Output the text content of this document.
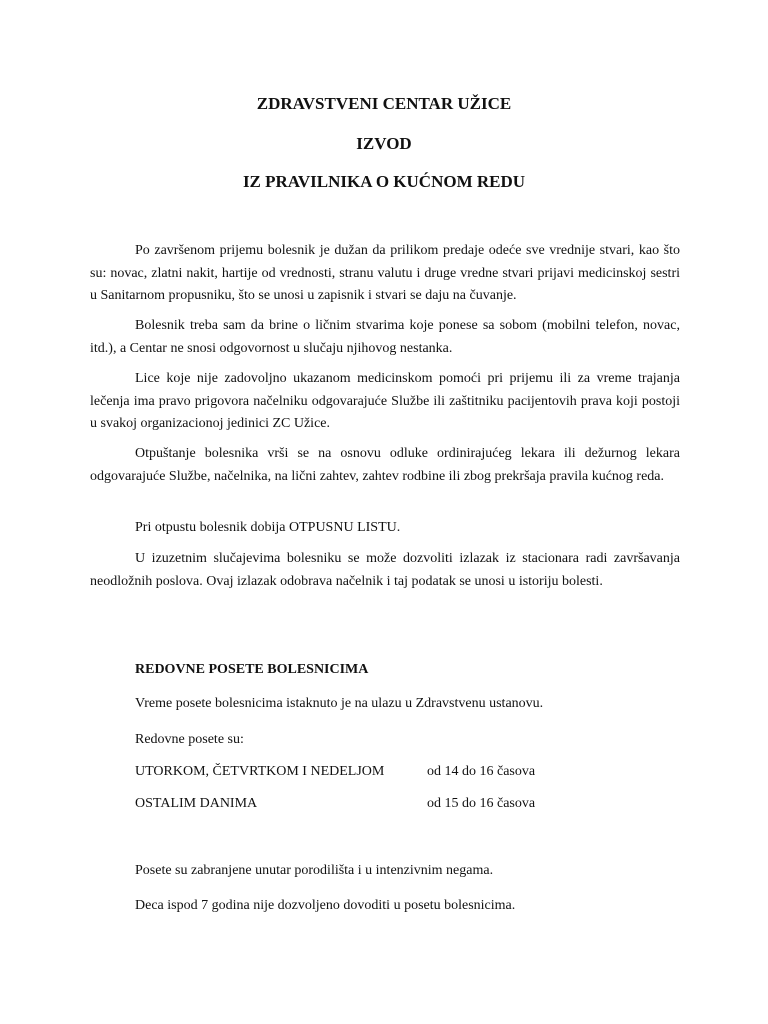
ZDRAVSTVENI CENTAR UŽICE
IZVOD
IZ PRAVILNIKA O KUĆNOM REDU

Po završenom prijemu bolesnik je dužan da prilikom predaje odeće sve vrednije stvari, kao što su: novac, zlatni nakit, hartije od vrednosti, stranu valutu i druge vredne stvari prijavi medicinskoj sestri u Sanitarnom propusniku, što se unosi u zapisnik i stvari se daju na čuvanje.

Bolesnik treba sam da brine o ličnim stvarima koje ponese sa sobom (mobilni telefon, novac, itd.), a Centar ne snosi odgovornost u slučaju njihovog nestanka.

Lice koje nije zadovoljno ukazanom medicinskom pomoći pri prijemu ili za vreme trajanja lečenja ima pravo prigovora načelniku odgovarajuće Službe ili zaštitniku pacijentovih prava koji postoji u svakoj organizacionoj jedinici ZC Užice.

Otpuštanje bolesnika vrši se na osnovu odluke ordinirajućeg lekara ili dežurnog lekara odgovarajuće Službe, načelnika, na lični zahtev, zahtev rodbine ili zbog prekršaja pravila kućnog reda.

Pri otpustu bolesnik dobija OTPUSNU LISTU.

U izuzetnim slučajevima bolesniku se može dozvoliti izlazak iz stacionara radi završavanja neodložnih poslova. Ovaj izlazak odobrava načelnik i taj podatak se unosi u istoriju bolesti.

REDOVNE POSETE BOLESNICIMA

Vreme posete bolesnicima istaknuto je na ulazu u Zdravstvenu ustanovu.

Redovne posete su:

UTORKOM, ČETVRTKOM I NEDELJOM	od 14 do 16 časova

OSTALIM DANIMA	od 15 do 16 časova

Posete su zabranjene unutar porodilišta i u intenzivnim negama.

Deca ispod 7 godina nije dozvoljeno dovoditi u posetu bolesnicima.
